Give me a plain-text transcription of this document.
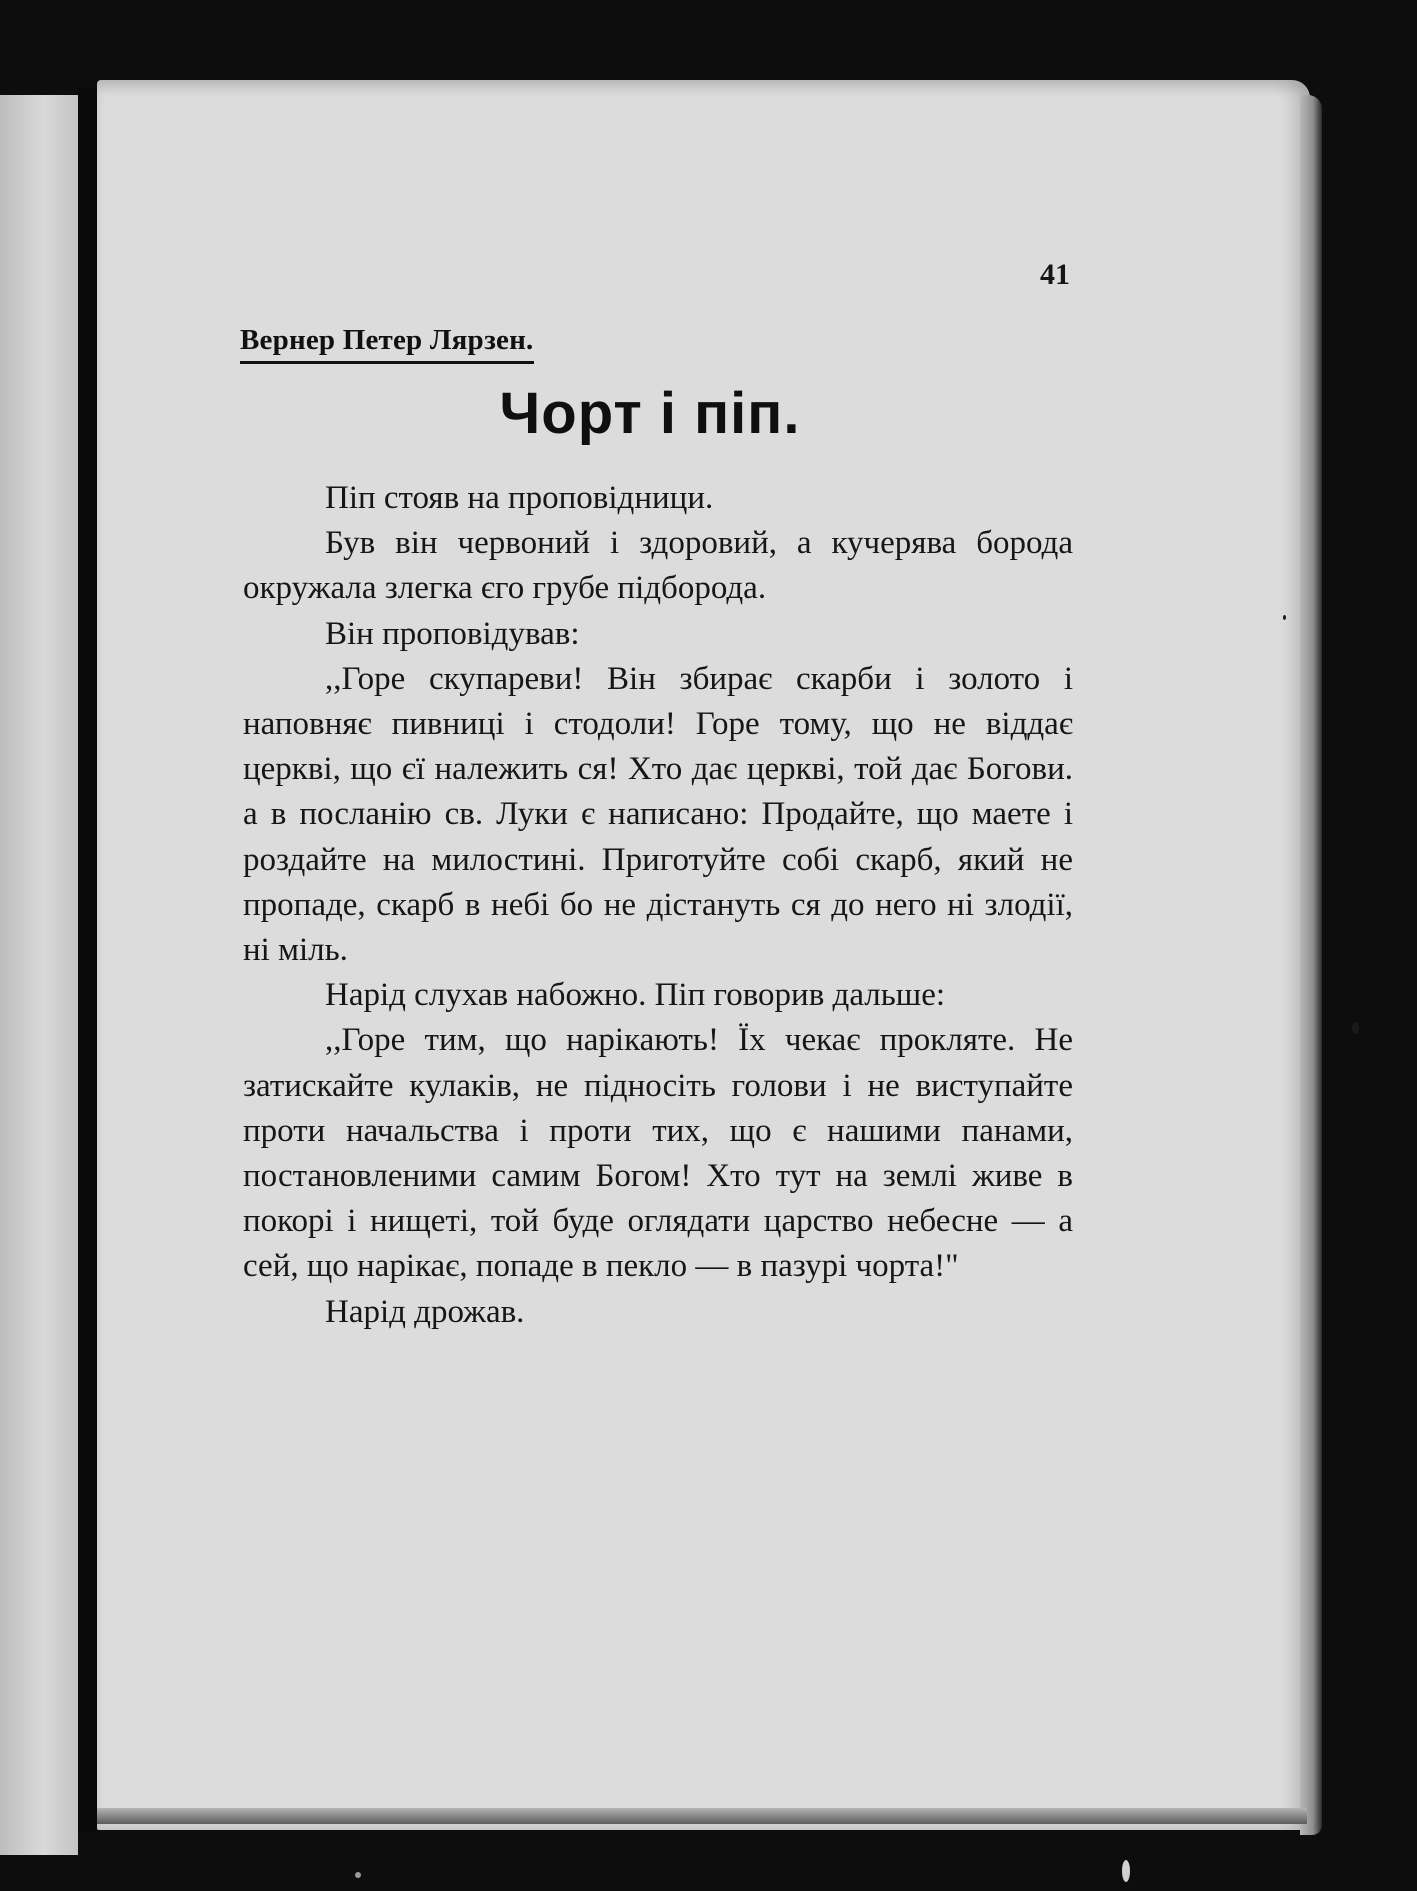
41
Вернер Петер Лярзен.
Чорт і піп.

Піп стояв на проповідници.

Був він червоний і здоровий, а кучерява борода окружала злегка єго грубе підборода.

Він проповідував:

,,Горе скупареви! Він збирає скарби і золото і наповняє пивниці і стодоли! Горе тому, що не віддає церкві, що єї належить ся! Хто дає церкві, той дає Богови. а в посланію св. Луки є написано: Продайте, що маете і роздайте на милостині. Приготуйте собі скарб, який не пропаде, скарб в небі бо не дістануть ся до него ні злодії, ні міль.

Нарід слухав набожно. Піп говорив дальше:

,,Горе тим, що нарікають! Їх чекає прокляте. Не затискайте кулаків, не підносіть голови і не виступайте проти начальства і проти тих, що є нашими панами, постановленими самим Богом! Хто тут на землі живе в покорі і нищеті, той буде оглядати царство небесне — а сей, що нарікає, попаде в пекло — в пазурі чорта!"

Нарід дрожав.
